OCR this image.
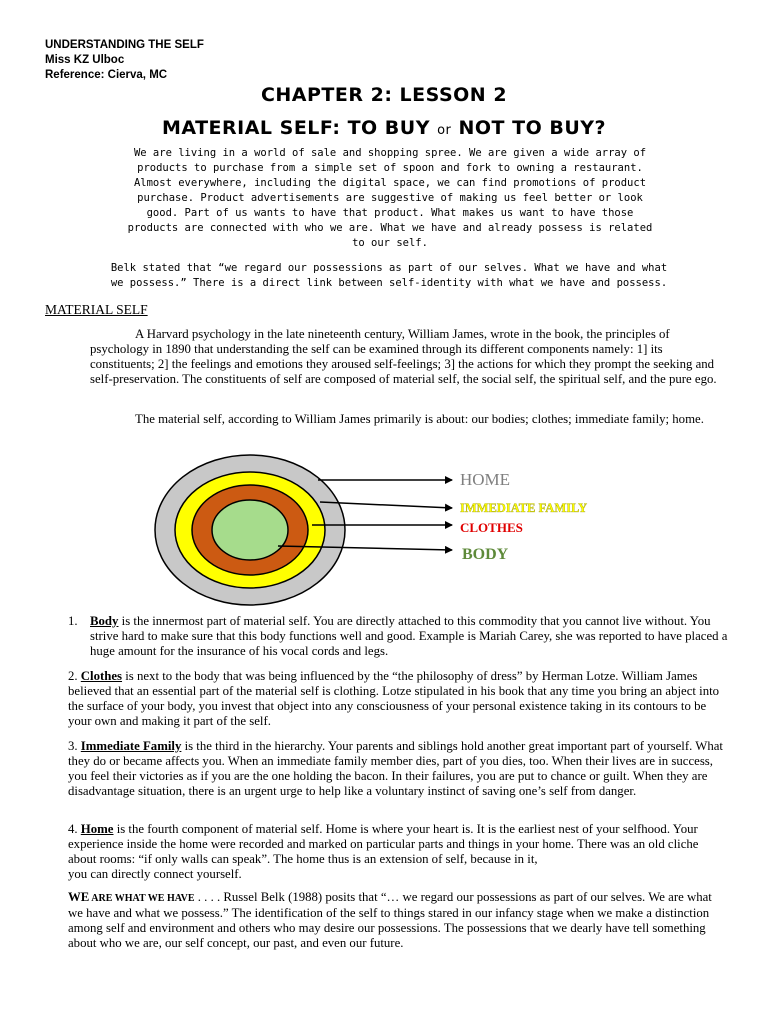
UNDERSTANDING THE SELF
Miss KZ Ulboc
Reference: Cierva, MC
CHAPTER 2: LESSON 2
MATERIAL SELF: TO BUY or NOT TO BUY?

We are living in a world of sale and shopping spree. We are given a wide array of products to purchase from a simple set of spoon and fork to owning a restaurant. Almost everywhere, including the digital space, we can find promotions of product purchase. Product advertisements are suggestive of making us feel better or look good. Part of us wants to have that product. What makes us want to have those products are connected with who we are. What we have and already possess is related to our self.

Belk stated that “we regard our possessions as part of our selves. What we have and what we possess.” There is a direct link between self-identity with what we have and possess.

MATERIAL SELF

A Harvard psychology in the late nineteenth century, William James, wrote in the book, the principles of psychology in 1890 that understanding the self can be examined through its different components namely: 1] its constituents; 2] the feelings and emotions they aroused self-feelings; 3] the actions for which they prompt the seeking and self-preservation. The constituents of self are composed of material self, the social self, the spiritual self, and the pure ego.

The material self, according to William James primarily is about: our bodies; clothes; immediate family; home.

HOME
IMMEDIATE FAMILY
CLOTHES
BODY
1. Body is the innermost part of material self. You are directly attached to this commodity that you cannot live without. You strive hard to make sure that this body functions well and good. Example is Mariah Carey, she was reported to have placed a huge amount for the insurance of his vocal cords and legs.

2. Clothes is next to the body that was being influenced by the “the philosophy of dress” by Herman Lotze. William James believed that an essential part of the material self is clothing. Lotze stipulated in his book that any time you bring an abject into the surface of your body, you invest that object into any consciousness of your personal existence taking in its contours to be your own and making it part of the self.

3. Immediate Family is the third in the hierarchy. Your parents and siblings hold another great important part of yourself. What they do or became affects you. When an immediate family member dies, part of you dies, too. When their lives are in success, you feel their victories as if you are the one holding the bacon. In their failures, you are put to chance or guilt. When they are disadvantage situation, there is an urgent urge to help like a voluntary instinct of saving one’s self from danger.

4. Home is the fourth component of material self. Home is where your heart is. It is the earliest nest of your selfhood. Your experience inside the home were recorded and marked on particular parts and things in your home. There was an old cliche about rooms: “if only walls can speak”. The home thus is an extension of self, because in it,
you can directly connect yourself.

WE ARE WHAT WE HAVE . . . . Russel Belk (1988) posits that “… we regard our possessions as part of our selves. We are what we have and what we possess.” The identification of the self to things stared in our infancy stage when we make a distinction among self and environment and others who may desire our possessions. The possessions that we dearly have tell something about who we are, our self concept, our past, and even our future.
